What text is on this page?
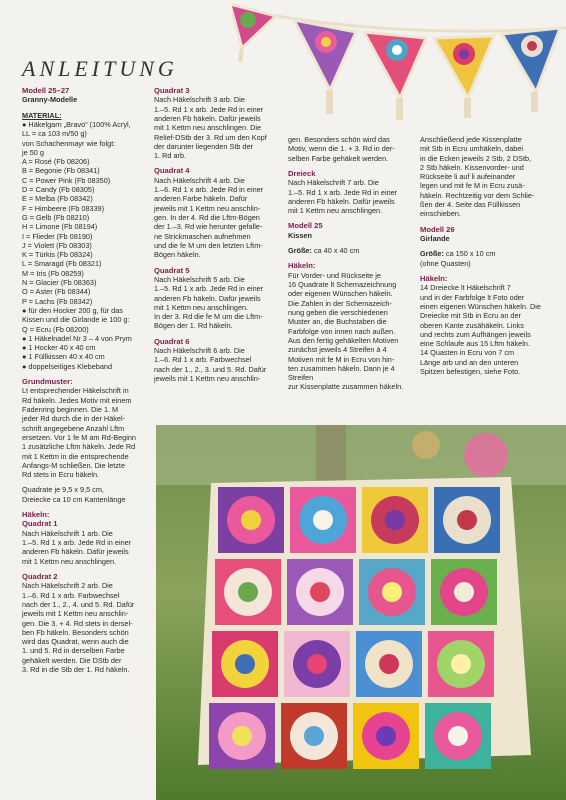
ANLEITUNG

Modell 25–27

Granny-Modelle

MATERIAL:

● Häkelgarn „Bravo“ (100% Acryl,

LL = ca 103 m/50 g)

von Schachenmayr wie folgt:

je 50 g

A = Rosé (Fb 08206)

B = Begonie (Fb 08341)

C = Power Pink (Fb 08350)

D = Candy (Fb 08305)

E = Melba (Fb 08342)

F = Himbeere (Fb 08339)

G = Gelb (Fb 08210)

H = Limone (Fb 08194)

I = Flieder (Fb 08190)

J = Violett (Fb 08303)

K = Türkis (Fb 08324)

L = Smaragd (Fb 08321)

M = Iris (Fb 08259)

N = Glacier (Fb 08363)

O = Aster (Fb 08344)

P = Lachs (Fb 08342)

● für den Hocker 200 g, für das

Kissen und die Girlande ie 100 g:

Q = Ecru (Fb 08200)

● 1 Häkelnadel Nr 3 – 4 von Prym

● 1 Hocker 40 x 40 cm

● 1 Füllkissen 40 x 40 cm

● doppelseitiges Klebeband

Grundmuster:

Lt entsprechender Häkelschrift in

Rd häkeln. Jedes Motiv mit einem

Fadenring beginnen. Die 1. M

jeder Rd durch die in der Häkel-

schrift angegebene Anzahl Lftm

ersetzen. Vor 1 fe M am Rd-Beginn

1 zusätzliche Lftm häkeln. Jede Rd

mit 1 Kettm in die entsprechende

Anfangs-M schließen. Die letzte

Rd stets in Ecru häkeln.

Quadrate je 9,5 x 9,5 cm,

Dreiecke ca 10 cm Kantenlänge

Häkeln:

Quadrat 1

Nach Häkelschrift 1 arb. Die

1.–5. Rd 1 x arb. Jede Rd in einer

anderen Fb häkeln. Dafür jeweils

mit 1 Kettm neu anschlingen.

Quadrat 2

Nach Häkelschrift 2 arb. Die

1.–6. Rd 1 x arb. Farbwechsel

nach der 1., 2., 4. und 5. Rd. Dafür

jeweils mit 1 Kettm neu anschlin-

gen. Die 3. + 4. Rd stets in dersel-

ben Fb häkeln. Besonders schön

wird das Quadrat, wenn auch die

1. und 5. Rd in derselben Farbe

gehäkelt werden. Die DStb der

3. Rd in die Stb der 1. Rd häkeln.

Quadrat 3

Nach Häkelschrift 3 arb. Die

1.–5. Rd 1 x arb. Jede Rd in einer

anderen Fb häkeln. Dafür jeweils

mit 1 Kettm neu anschlingen. Die

Relief-DStb der 3. Rd um den Kopf

der darunter liegenden Stb der

1. Rd arb.

Quadrat 4

Nach Häkelschrift 4 arb. Die

1.–6. Rd 1 x arb. Jede Rd in einer

anderen Farbe häkeln. Dafür

jeweils mit 1 Kettm neu anschlin-

gen. In der 4. Rd die Lftm-Bögen

der 1.–3. Rd wie herunter gefalle-

ne Strickmaschen aufnehmen

und die fe M um den letzten Lftm-

Bögen häkeln.

Quadrat 5

Nach Häkelschrift 5 arb. Die

1.–5. Rd 1 x arb. Jede Rd in einer

anderen Fb häkeln. Dafür jeweils

mit 1 Kettm neu anschlingen.

In der 3. Rd die fe M um die Lftm-

Bögen der 1. Rd häkeln.

Quadrat 6

Nach Häkelschrift 6 arb. Die

1.–6. Rd 1 x arb. Farbwechsel

nach der 1., 2., 3. und 5. Rd. Dafür

jeweils mit 1 Kettm neu anschlin-

gen. Besonders schön wird das

Motiv, wenn die 1. + 3. Rd in der-

selben Farbe gehäkelt werden.

Dreieck

Nach Häkelschrift 7 arb. Die

1.–5. Rd 1 x arb. Jede Rd in einer

anderen Fb häkeln. Dafür jeweils

mit 1 Kettm neu anschlingen.

Modell 25

Kissen

Größe: ca 40 x 40 cm

Häkeln:

Für Vorder- und Rückseite je

16 Quadrate lt Schemazeichnung

oder eigenen Wünschen häkeln.

Die Zahlen in der Schemazeich-

nung geben die verschiedenen

Muster an, die Buchstaben die

Farbfolge von innen nach außen.

Aus den fertig gehäkelten Motiven

zunächst jeweils 4 Streifen à 4

Motiven mit fe M in Ecru von hin-

ten zusammen häkeln. Dann je 4 Streifen

zur Kissenplatte zusammen häkeln.

Anschließend jede Kissenplatte

mit Stb in Ecru umhäkeln, dabei

in die Ecken jeweils 2 Stb, 2 DStb,

2 Stb häkeln. Kissenvorder- und

Rückseite li auf li aufeinander

legen und mit fe M in Ecru zusä-

häkeln. Rechtzeitig vor dem Schlie-

ßen der 4. Seite das Füllkissen

einschieben.

Modell 26

Girlande

Größe: ca 150 x 10 cm

(ohne Quasten)

Häkeln:

14 Dreiecke lt Häkelschrift 7

und in der Farbfolge lt Foto oder

einen eigenen Wünschen häkeln. Die

Dreiecke mit Stb in Ecru an der

oberen Kante zusähäkeln. Links

und rechts zum Aufhängen jeweils

eine Schlaufe aus 15 Lftm häkeln.

14 Quasten in Ecru von 7 cm

Länge arb und an den unteren

Spitzen befestigen, siehe Foto.
